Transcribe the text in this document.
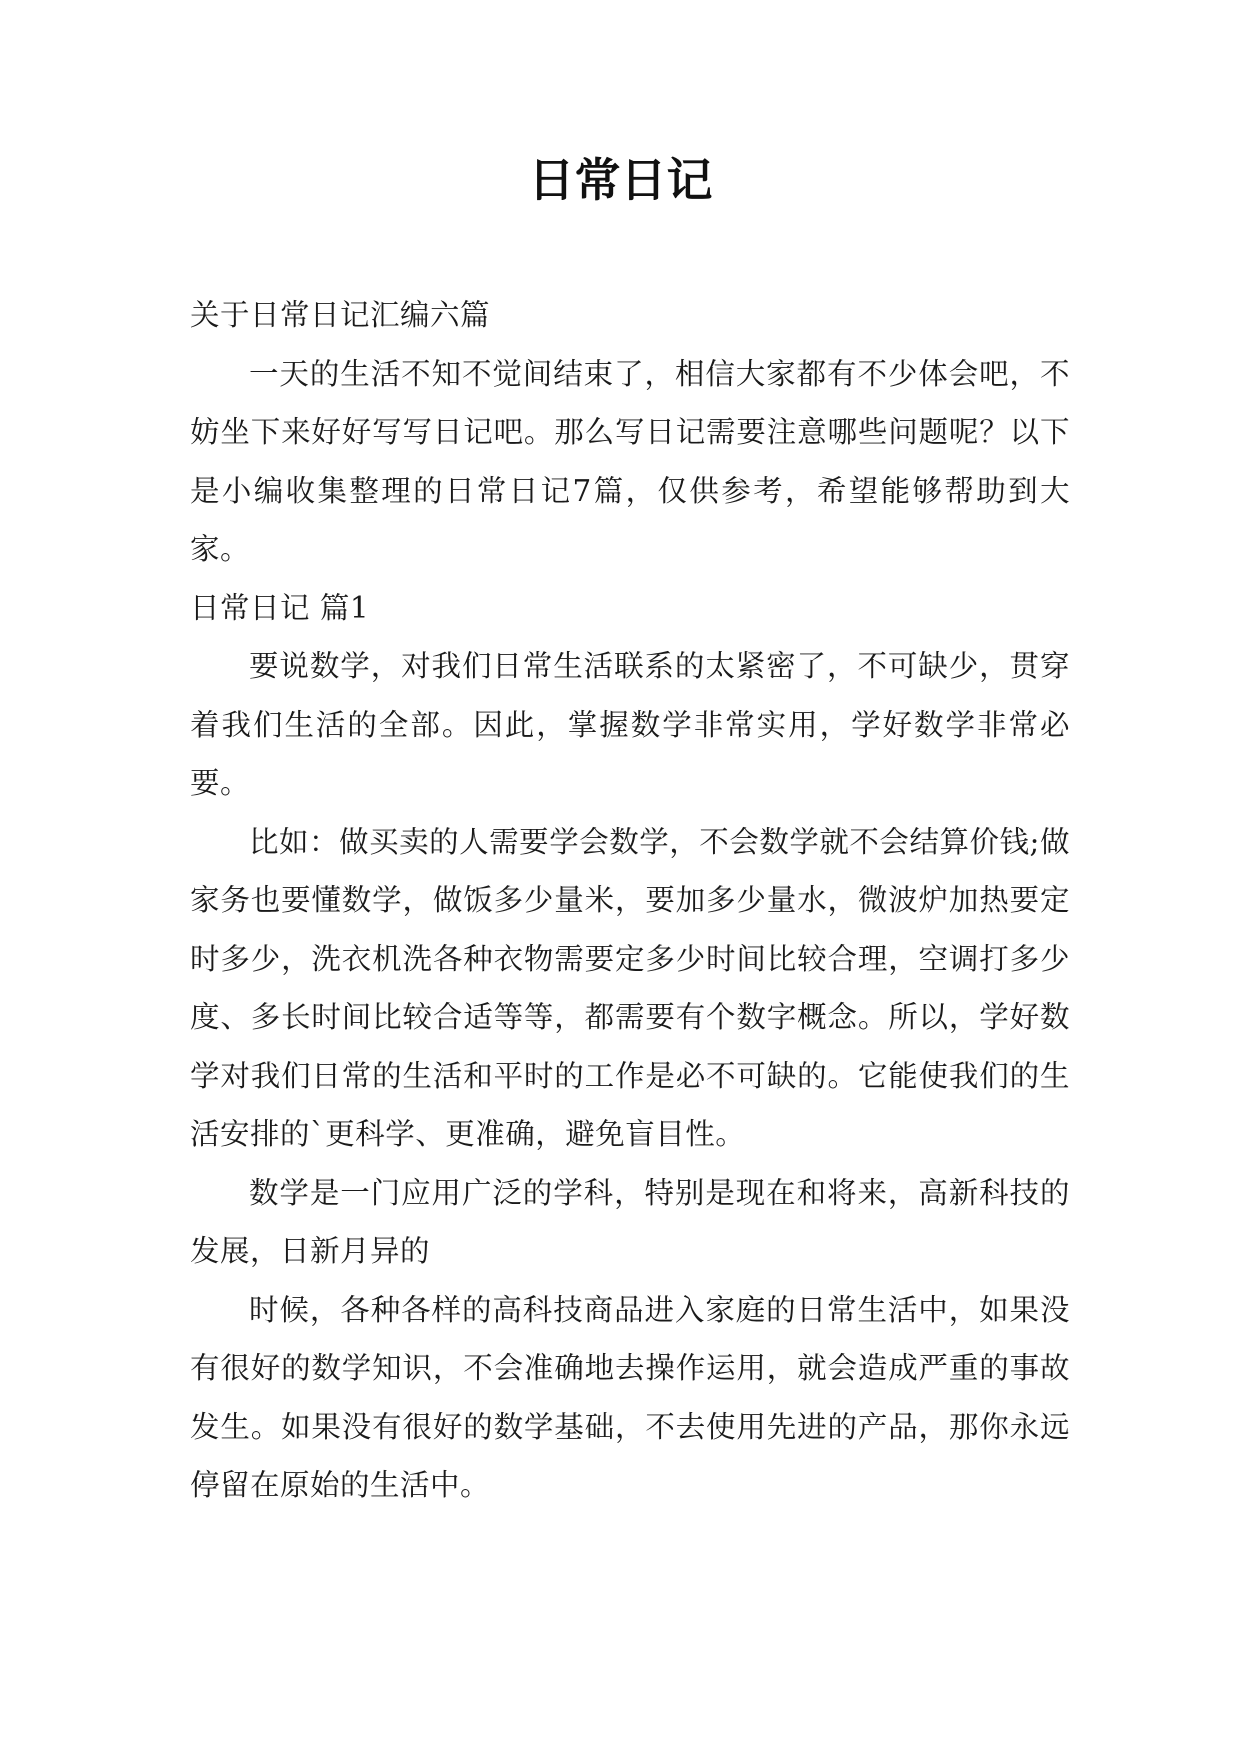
日常日记

关于日常日记汇编六篇

一天的生活不知不觉间结束了，相信大家都有不少体会吧，不妨坐下来好好写写日记吧。那么写日记需要注意哪些问题呢？以下是小编收集整理的日常日记7篇，仅供参考，希望能够帮助到大家。

日常日记 篇1

要说数学，对我们日常生活联系的太紧密了，不可缺少，贯穿着我们生活的全部。因此，掌握数学非常实用，学好数学非常必要。

比如：做买卖的人需要学会数学，不会数学就不会结算价钱;做家务也要懂数学，做饭多少量米，要加多少量水，微波炉加热要定时多少，洗衣机洗各种衣物需要定多少时间比较合理，空调打多少度、多长时间比较合适等等，都需要有个数字概念。所以，学好数学对我们日常的生活和平时的工作是必不可缺的。它能使我们的生活安排的`更科学、更准确，避免盲目性。

数学是一门应用广泛的学科，特别是现在和将来，高新科技的发展，日新月异的

时候，各种各样的高科技商品进入家庭的日常生活中，如果没有很好的数学知识，不会准确地去操作运用，就会造成严重的事故发生。如果没有很好的数学基础，不去使用先进的产品，那你永远停留在原始的生活中。
